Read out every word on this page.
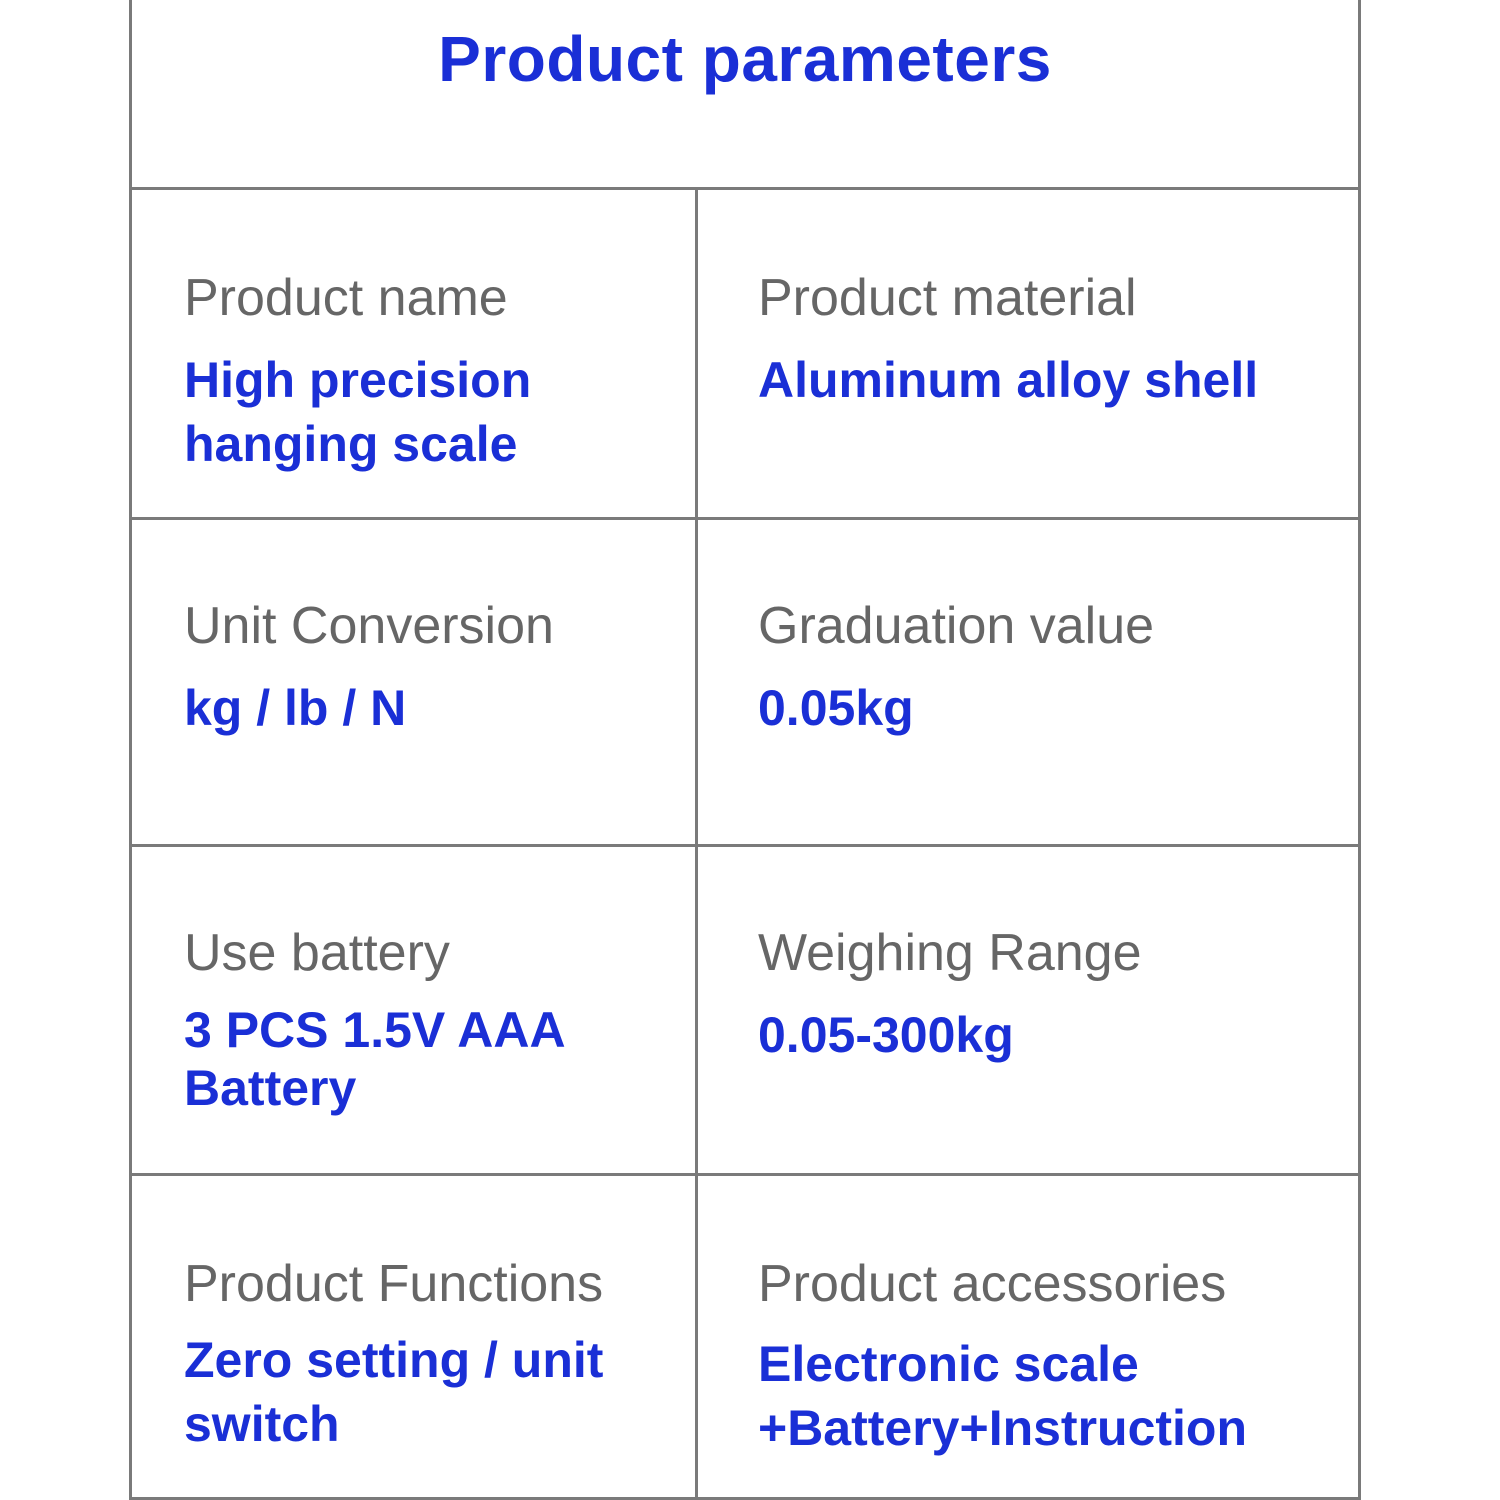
Product parameters
Product name
High precision hanging scale
Product material
Aluminum alloy shell
Unit Conversion
kg / lb / N
Graduation value
0.05kg
Use battery
3 PCS 1.5V AAA Battery
Weighing Range
0.05-300kg
Product Functions
Zero setting / unit switch
Product accessories
Electronic scale +Battery+Instruction
